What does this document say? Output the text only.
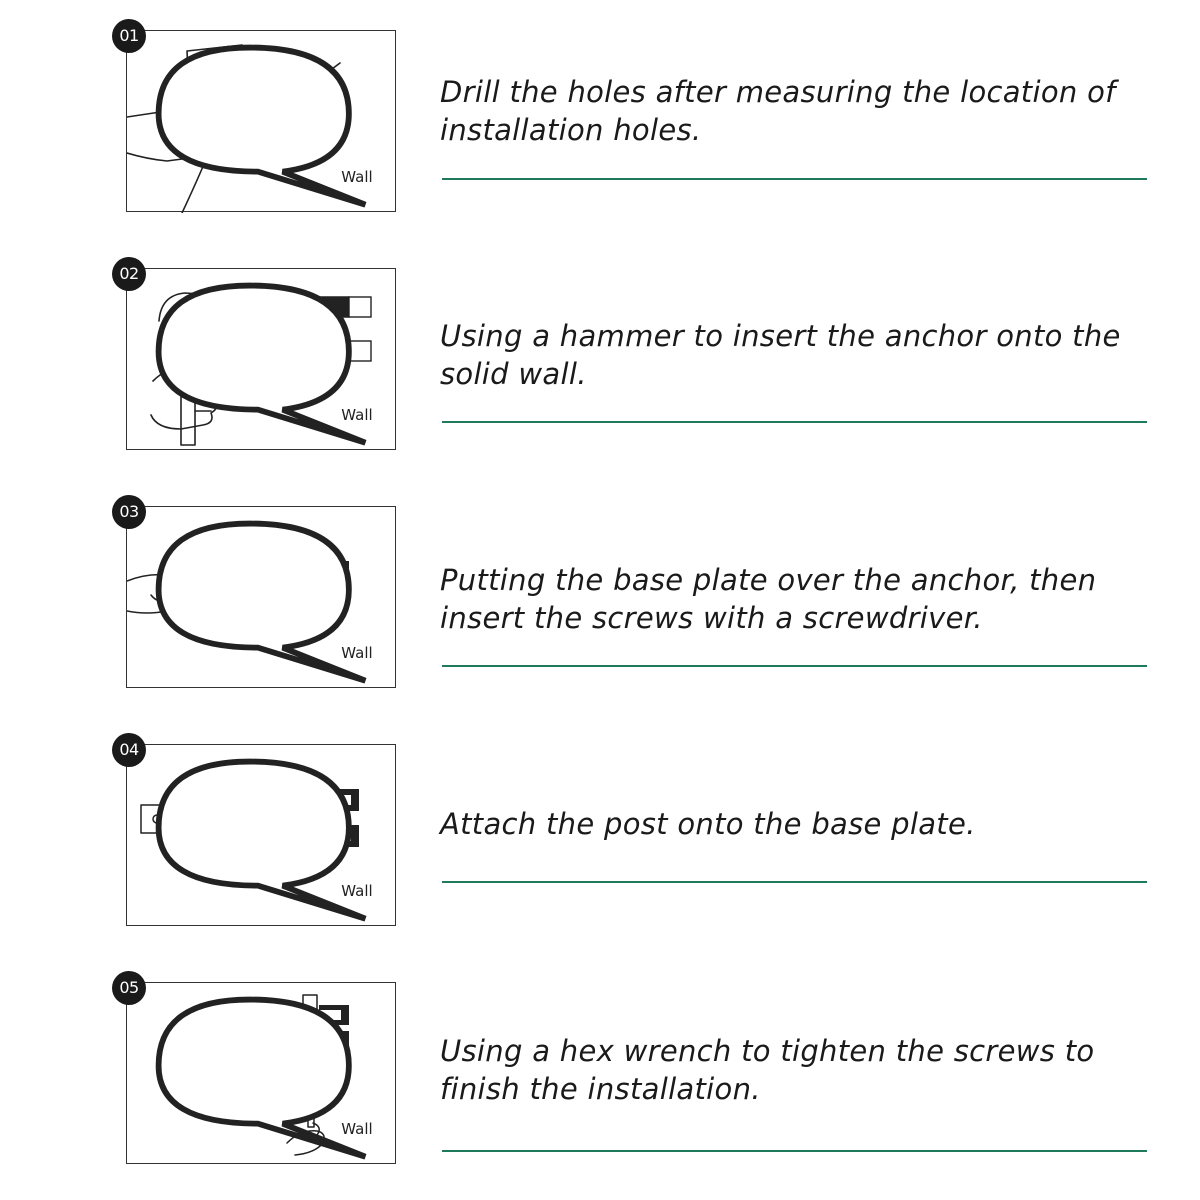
Wall
01
Drill the holes after measuring the location of installation holes.
Wall
02
Using a hammer to insert the anchor onto the solid wall.
Wall
03
Putting the base plate over the anchor, then insert the screws with a screwdriver.
Wall
04
Attach the post onto the base plate.
Wall
05
Using a hex wrench to tighten the screws to finish the installation.
